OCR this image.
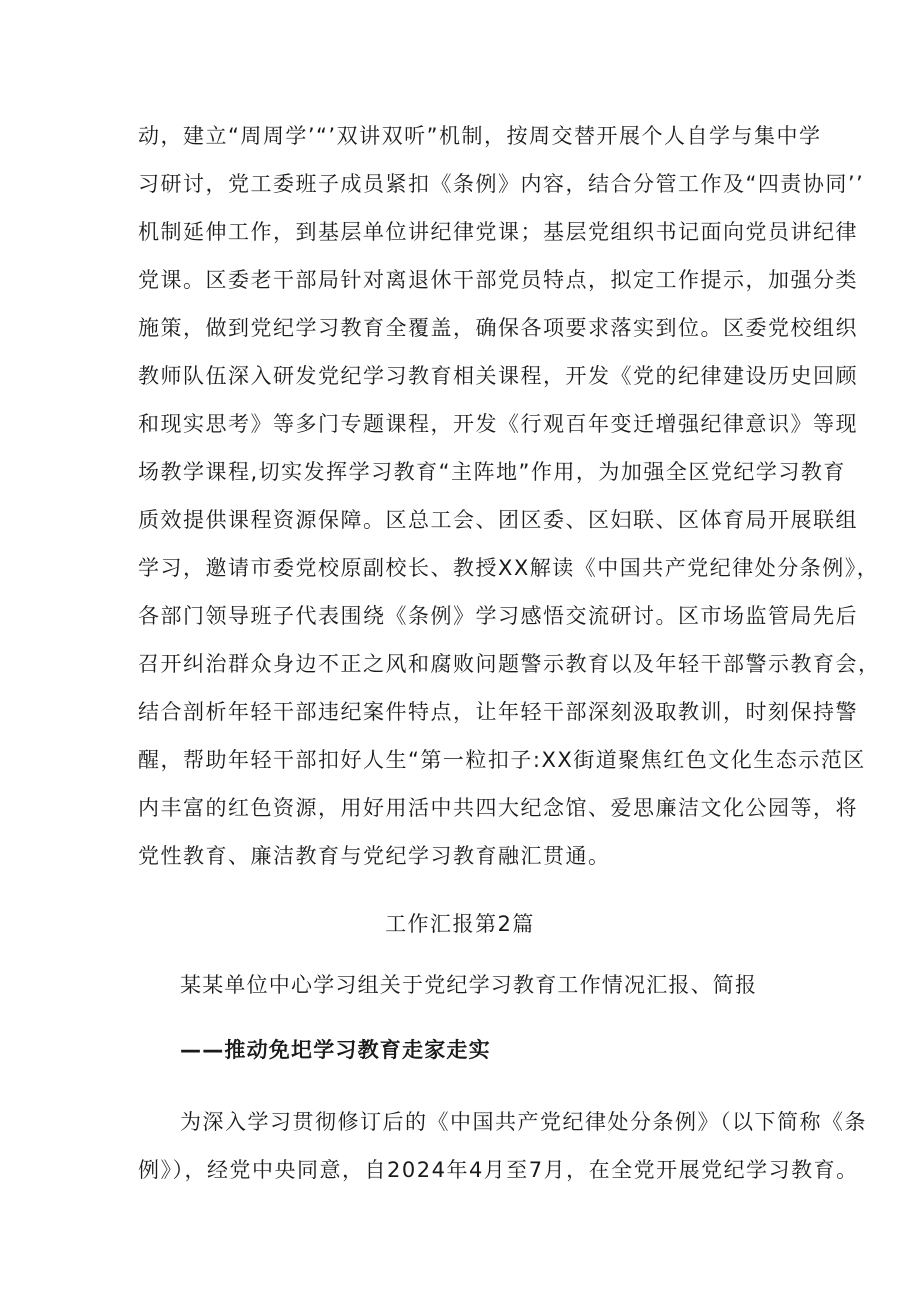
动，建立“周周学’“’双讲双听”机制，按周交替开展个人自学与集中学
习研讨，党工委班子成员紧扣《条例》内容，结合分管工作及“四责协同’’
机制延伸工作，到基层单位讲纪律党课；基层党组织书记面向党员讲纪律
党课。区委老干部局针对离退休干部党员特点，拟定工作提示，加强分类
施策，做到党纪学习教育全覆盖，确保各项要求落实到位。区委党校组织
教师队伍深入研发党纪学习教育相关课程，开发《党的纪律建设历史回顾
和现实思考》等多门专题课程，开发《行观百年变迁增强纪律意识》等现
场教学课程,切实发挥学习教育“主阵地”作用，为加强全区党纪学习教育
质效提供课程资源保障。区总工会、团区委、区妇联、区体育局开展联组
学习，邀请市委党校原副校长、教授XX解读《中国共产党纪律处分条例》，
各部门领导班子代表围绕《条例》学习感悟交流研讨。区市场监管局先后
召开纠治群众身边不正之风和腐败问题警示教育以及年轻干部警示教育会，
结合剖析年轻干部违纪案件特点，让年轻干部深刻汲取教训，时刻保持警
醒，帮助年轻干部扣好人生“第一粒扣子:XX街道聚焦红色文化生态示范区
内丰富的红色资源，用好用活中共四大纪念馆、爱思廉洁文化公园等，将
党性教育、廉洁教育与党纪学习教育融汇贯通。
工作汇报第2篇
某某单位中心学习组关于党纪学习教育工作情况汇报、简报
——推动免圯学习教育走家走实
为深入学习贯彻修订后的《中国共产党纪律处分条例》（以下简称《条
例》），经党中央同意，自2024年4月至7月，在全党开展党纪学习教育。
